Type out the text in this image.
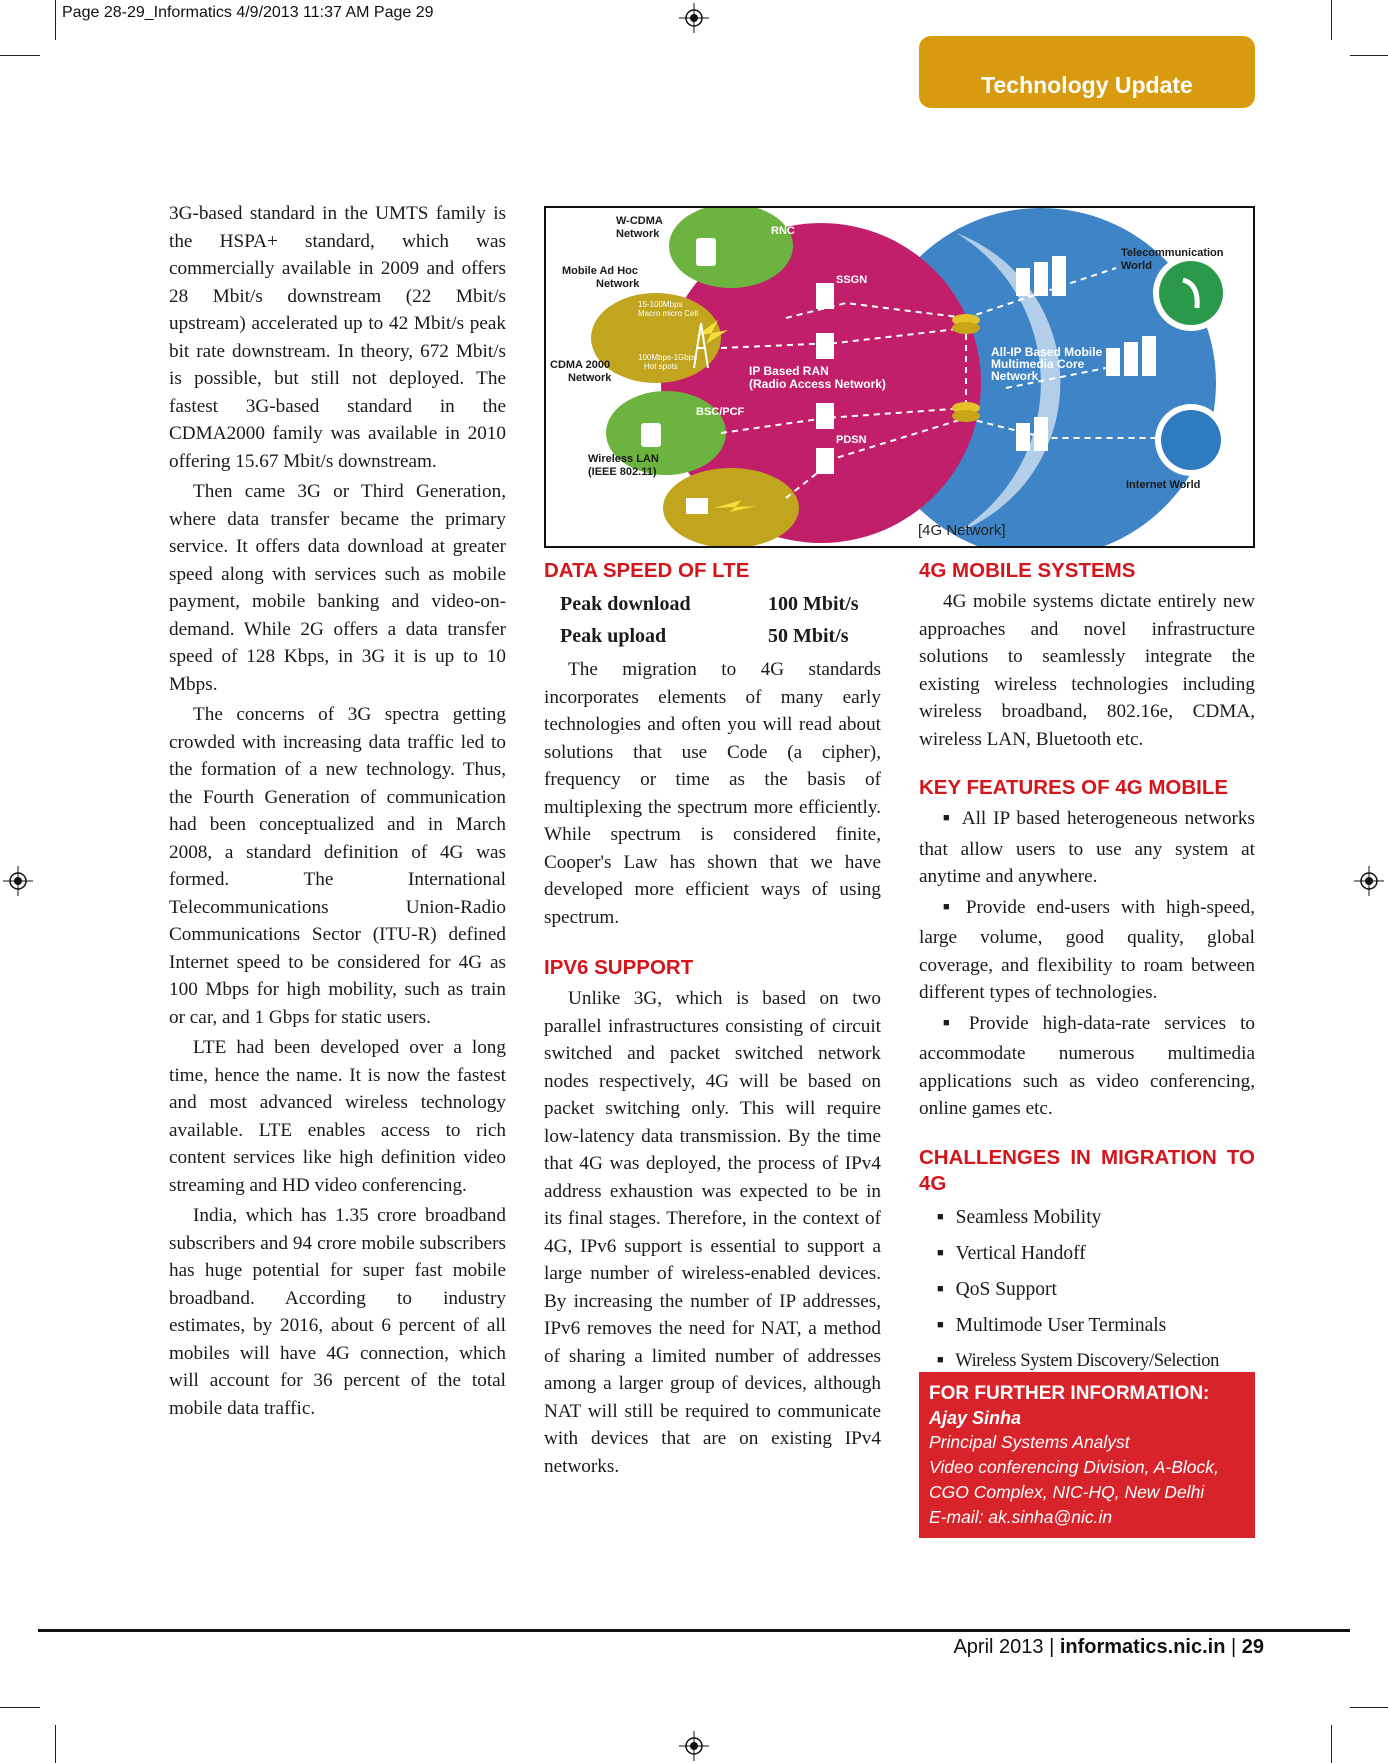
Page 28-29_Informatics 4/9/2013 11:37 AM Page 29
Technology Update

3G-based standard in the UMTS family is the HSPA+ standard, which was commercially available in 2009 and offers 28 Mbit/s downstream (22 Mbit/s upstream) accelerated up to 42 Mbit/s peak bit rate downstream. In theory, 672 Mbit/s is possible, but still not deployed. The fastest 3G-based standard in the CDMA2000 family was available in 2010 offering 15.67 Mbit/s downstream.

Then came 3G or Third Generation, where data transfer became the primary service. It offers data download at greater speed along with services such as mobile payment, mobile banking and video-on-demand. While 2G offers a data transfer speed of 128 Kbps, in 3G it is up to 10 Mbps.

The concerns of 3G spectra getting crowded with increasing data traffic led to the formation of a new technology. Thus, the Fourth Generation of communication had been conceptualized and in March 2008, a standard definition of 4G was formed. The International Telecommunications Union-Radio Communications Sector (ITU-R) defined Internet speed to be considered for 4G as 100 Mbps for high mobility, such as train or car, and 1 Gbps for static users.

LTE had been developed over a long time, hence the name. It is now the fastest and most advanced wireless technology available. LTE enables access to rich content services like high definition video streaming and HD video conferencing.

India, which has 1.35 crore broadband subscribers and 94 crore mobile subscribers has huge potential for super fast mobile broadband. According to industry estimates, by 2016, about 6 percent of all mobiles will have 4G connection, which will account for 36 percent of the total mobile data traffic.

W-CDMA
Network
Mobile Ad Hoc
Network
CDMA 2000
Network
Wireless LAN
(IEEE 802.11)
Telecommunication
World
Internet World
RNC
SSGN
BSC/PCF
PDSN
15-100Mbps
Macro micro Cell
100Mbps-1Gbps
Hot spots	IP Based RAN
(Radio Access Network)
All-IP Based Mobile
Multimedia Core
Network
[4G Network]
DATA SPEED OF LTE
Peak download	100 Mbit/s
Peak upload	50 Mbit/s

The migration to 4G standards incorporates elements of many early technologies and often you will read about solutions that use Code (a cipher), frequency or time as the basis of multiplexing the spectrum more efficiently. While spectrum is considered finite, Cooper's Law has shown that we have developed more efficient ways of using spectrum.

IPV6 SUPPORT

Unlike 3G, which is based on two parallel infrastructures consisting of circuit switched and packet switched network nodes respectively, 4G will be based on packet switching only. This will require low-latency data transmission. By the time that 4G was deployed, the process of IPv4 address exhaustion was expected to be in its final stages. Therefore, in the context of 4G, IPv6 support is essential to support a large number of wireless-enabled devices. By increasing the number of IP addresses, IPv6 removes the need for NAT, a method of sharing a limited number of addresses among a larger group of devices, although NAT will still be required to communicate with devices that are on existing IPv4 networks.

4G MOBILE SYSTEMS

4G mobile systems dictate entirely new approaches and novel infrastructure solutions to seamlessly integrate the existing wireless technologies including wireless broadband, 802.16e, CDMA, wireless LAN, Bluetooth etc.

KEY FEATURES OF 4G MOBILE

■ All IP based heterogeneous networks that allow users to use any system at anytime and anywhere.

■ Provide end-users with high-speed, large volume, good quality, global coverage, and flexibility to roam between different types of technologies.

■ Provide high-data-rate services to accommodate numerous multimedia applications such as video conferencing, online games etc.

CHALLENGES IN MIGRATION TO 4G
■ Seamless Mobility
■ Vertical Handoff
■ QoS Support
■ Multimode User Terminals
■ Wireless System Discovery/Selection
FOR FURTHER INFORMATION:
Ajay Sinha
Principal Systems Analyst
Video conferencing Division, A-Block,
CGO Complex, NIC-HQ, New Delhi
E-mail: ak.sinha@nic.in
April 2013 | informatics.nic.in | 29
